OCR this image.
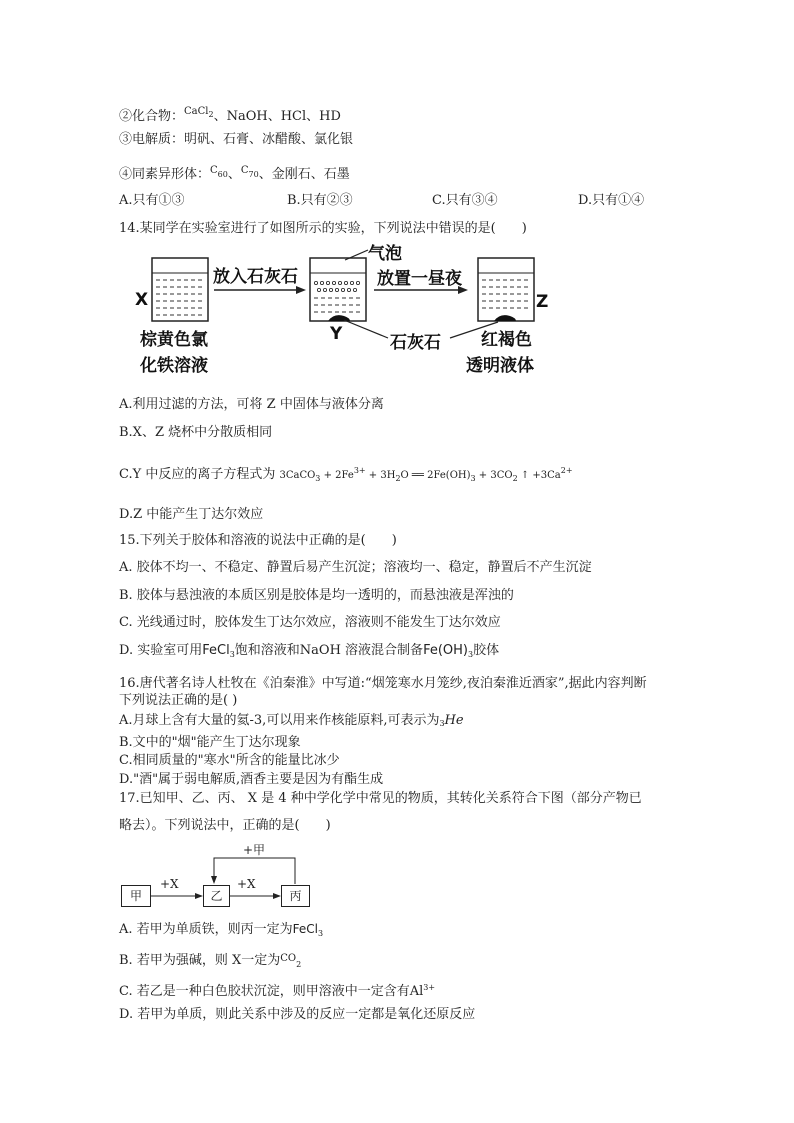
②化合物：$^{CaCl2}$、NaOH、HCl、HD
③电解质：明矾、石膏、冰醋酸、氯化银
④同素异形体：$^C$60、$^C$70、金刚石、石墨
A.只有①③	B.只有②③	C.只有③④	D.只有①④
14.某同学在实验室进行了如图所示的实验，下列说法中错误的是(　　)
X
Y
Z
放入石灰石	放置一昼夜
气泡
石灰石
棕黄色氯
化铁溶液
红褐色
透明液体
A.利用过滤的方法，可将 Z 中固体与液体分离
B.X、Z 烧杯中分散质相同
C.Y 中反应的离子方程式为 3CaCO$_3$ + $2Fe^{3+} + 3H_2O$ ══ $2Fe(OH)_3 + 3CO_2$ ↑ $+3Ca^{2+}$
D.Z 中能产生丁达尔效应
15.下列关于胶体和溶液的说法中正确的是(　　)
A. 胶体不均一、不稳定、静置后易产生沉淀；溶液均一、稳定，静置后不产生沉淀
B. 胶体与悬浊液的本质区别是胶体是均一透明的，而悬浊液是浑浊的
C. 光线通过时，胶体发生丁达尔效应，溶液则不能发生丁达尔效应
D. 实验室可用FeCl$_3$饱和溶液和NaOH 溶液混合制备$Fe(OH)_3$胶体
16.唐代著名诗人杜牧在《泊秦淮》中写道:“烟笼寒水月笼纱,夜泊秦淮近酒家”,据此内容判断
下列说法正确的是( )
A.月球上含有大量的氦-3,可以用来作核能原料,可表示为$_3$He
B.文中的"烟"能产生丁达尔现象
C.相同质量的"寒水"所含的能量比冰少
D."酒"属于弱电解质,酒香主要是因为有酯生成
17.已知甲、乙、丙、 X 是 4 种中学化学中常见的物质，其转化关系符合下图（部分产物已
略去）。下列说法中，正确的是(　　)
甲	乙	丙
+X	+X
+甲
A. 若甲为单质铁，则丙一定为FeCl$_3$
B. 若甲为强碱，则 X一定为$^{CO}_2$
C. 若乙是一种白色胶状沉淀，则甲溶液中一定含有$Al^{3+}$
D. 若甲为单质，则此关系中涉及的反应一定都是氧化还原反应
